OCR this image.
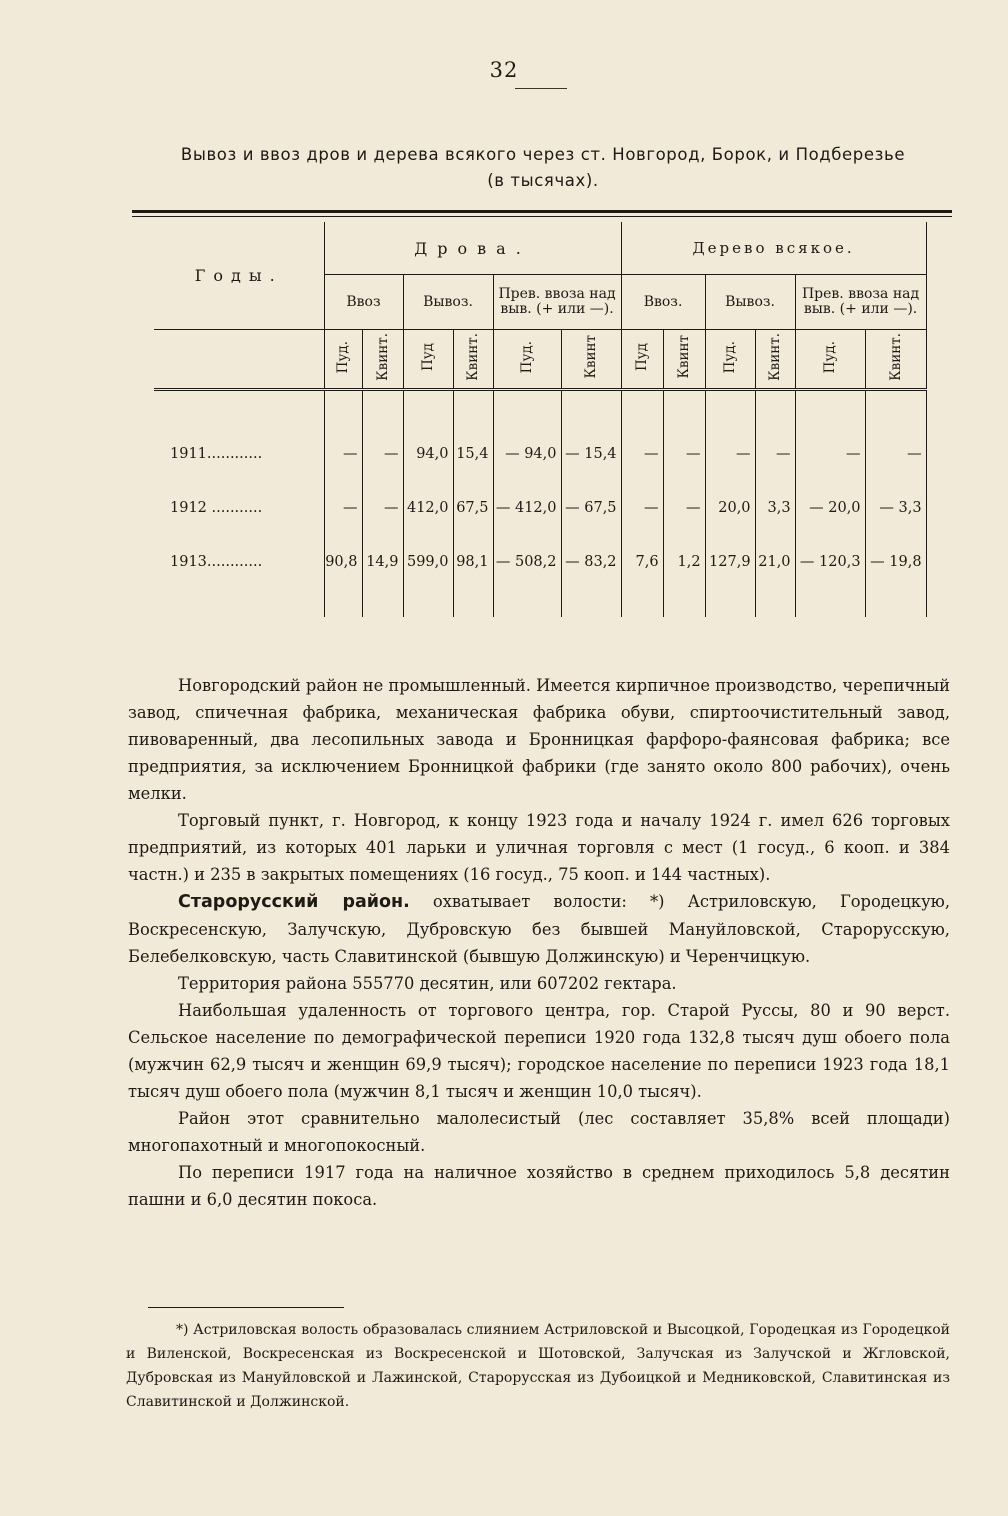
32
Вывоз и ввоз дров и дерева всякого через ст. Новгород, Борок, и Подберезье
(в тысячах).
Годы.	Дрова.						Дерево всякое.					
	Ввоз		Вывоз.		Прев. ввоза над выв. (+ или —).		Ввоз.		Вывоз.		Прев. ввоза над выв. (+ или —).	
	Пуд.	Квинт.	Пуд	Квинт.	Пуд.	Квинт	Пуд	Квинт	Пуд.	Квинт.	Пуд.	Квинт.

1911............	—	—	94,0	15,4	— 94,0	— 15,4	—	—	—	—	—	—
1912 ...........	—	—	412,0	67,5	— 412,0	— 67,5	—	—	20,0	3,3	— 20,0	— 3,3
1913............	90,8	14,9	599,0	98,1	— 508,2	— 83,2	7,6	1,2	127,9	21,0	— 120,3	— 19,8

Новгородский район не промышленный. Имеется кирпичное производство, черепичный завод, спичечная фабрика, механическая фабрика обуви, спиртоочистительный завод, пивоваренный, два лесопильных завода и Бронницкая фарфоро-фаянсовая фабрика; все предприятия, за исключением Бронницкой фабрики (где занято около 800 рабочих), очень мелки.

Торговый пункт, г. Новгород, к концу 1923 года и началу 1924 г. имел 626 торговых предприятий, из которых 401 ларьки и уличная торговля с мест (1 госуд., 6 кооп. и 384 частн.) и 235 в закрытых помещениях (16 госуд., 75 кооп. и 144 частных).

Старорусский район. охватывает волости: *) Астриловскую, Городецкую, Воскресенскую, Залучскую, Дубровскую без бывшей Мануйловской, Старорусскую, Белебелковскую, часть Славитинской (бывшую Должинскую) и Черенчицкую.

Территория района 555770 десятин, или 607202 гектара.

Наибольшая удаленность от торгового центра, гор. Старой Руссы, 80 и 90 верст. Сельское население по демографической переписи 1920 года 132,8 тысяч душ обоего пола (мужчин 62,9 тысяч и женщин 69,9 тысяч); городское население по переписи 1923 года 18,1 тысяч душ обоего пола (мужчин 8,1 тысяч и женщин 10,0 тысяч).

Район этот сравнительно малолесистый (лес составляет 35,8% всей площади) многопахотный и многопокосный.

По переписи 1917 года на наличное хозяйство в среднем приходилось 5,8 десятин пашни и 6,0 десятин покоса.

*) Астриловская волость образовалась слиянием Астриловской и Высоцкой, Городецкая из Городецкой и Виленской, Воскресенская из Воскресенской и Шотовской, Залучская из Залучской и Жгловской, Дубровская из Мануйловской и Лажинской, Старорусская из Дубоицкой и Медниковской, Славитинская из Славитинской и Должинской.
